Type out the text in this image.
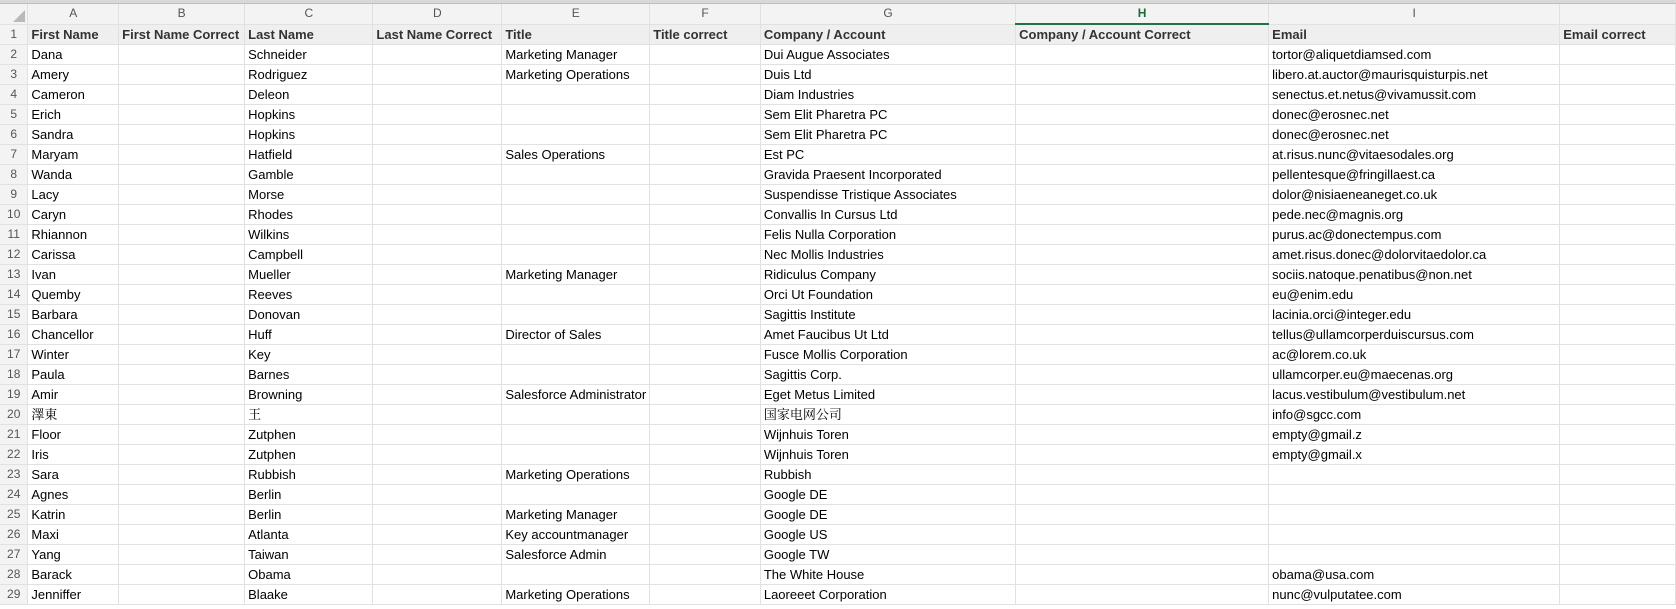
	A	B	C	D	E	F	G	H	I	
1	First Name	First Name Correct	Last Name	Last Name Correct	Title	Title correct	Company / Account	Company / Account Correct	Email	Email correct
2	Dana		Schneider		Marketing Manager		Dui Augue Associates		tortor@aliquetdiamsed.com	
3	Amery		Rodriguez		Marketing Operations		Duis Ltd		libero.at.auctor@maurisquisturpis.net	
4	Cameron		Deleon				Diam Industries		senectus.et.netus@vivamussit.com	
5	Erich		Hopkins				Sem Elit Pharetra PC		donec@erosnec.net	
6	Sandra		Hopkins				Sem Elit Pharetra PC		donec@erosnec.net	
7	Maryam		Hatfield		Sales Operations		Est PC		at.risus.nunc@vitaesodales.org	
8	Wanda		Gamble				Gravida Praesent Incorporated		pellentesque@fringillaest.ca	
9	Lacy		Morse				Suspendisse Tristique Associates		dolor@nisiaeneaneget.co.uk	
10	Caryn		Rhodes				Convallis In Cursus Ltd		pede.nec@magnis.org	
11	Rhiannon		Wilkins				Felis Nulla Corporation		purus.ac@donectempus.com	
12	Carissa		Campbell				Nec Mollis Industries		amet.risus.donec@dolorvitaedolor.ca	
13	Ivan		Mueller		Marketing Manager		Ridiculus Company		sociis.natoque.penatibus@non.net	
14	Quemby		Reeves				Orci Ut Foundation		eu@enim.edu	
15	Barbara		Donovan				Sagittis Institute		lacinia.orci@integer.edu	
16	Chancellor		Huff		Director of Sales		Amet Faucibus Ut Ltd		tellus@ullamcorperduiscursus.com	
17	Winter		Key				Fusce Mollis Corporation		ac@lorem.co.uk	
18	Paula		Barnes				Sagittis Corp.		ullamcorper.eu@maecenas.org	
19	Amir		Browning		Salesforce Administrator		Eget Metus Limited		lacus.vestibulum@vestibulum.net	
20	澤東		王				国家电网公司		info@sgcc.com	
21	Floor		Zutphen				Wijnhuis Toren		empty@gmail.z	
22	Iris		Zutphen				Wijnhuis Toren		empty@gmail.x	
23	Sara		Rubbish		Marketing Operations		Rubbish			
24	Agnes		Berlin				Google DE			
25	Katrin		Berlin		Marketing Manager		Google DE			
26	Maxi		Atlanta		Key accountmanager		Google US			
27	Yang		Taiwan		Salesforce Admin		Google TW			
28	Barack		Obama				The White House		obama@usa.com	
29	Jenniffer		Blaake		Marketing Operations		Laoreeet Corporation		nunc@vulputatee.com	
